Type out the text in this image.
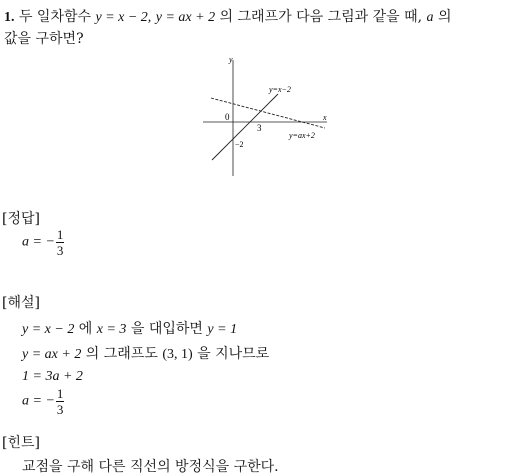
1. 두 일차함수 y = x − 2, y = ax + 2 의 그래프가 다음 그림과 같을 때, a 의
값을 구하면?
y
x
0
3
−2
y=x−2
y=ax+2
[정답]
a = − $\frac{1}{3}$
[해설]
y = x − 2 에 x = 3 을 대입하면 y = 1
y = ax + 2 의 그래프도 (3, 1) 을 지나므로
1 = 3a + 2
a = − $\frac{1}{3}$
[힌트]
교점을 구해 다른 직선의 방정식을 구한다.
